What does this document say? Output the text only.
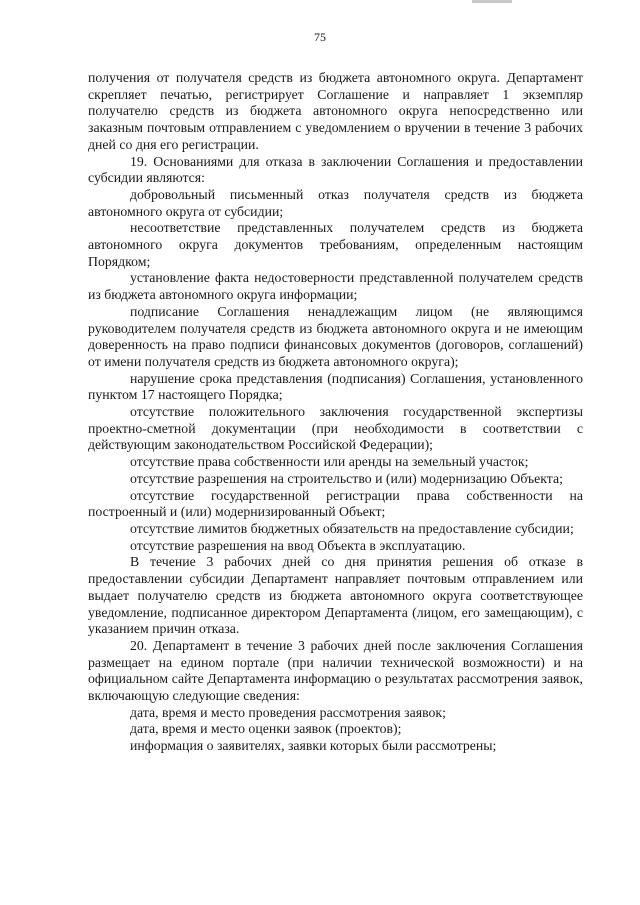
75

получения от получателя средств из бюджета автономного округа. Департамент скрепляет печатью, регистрирует Соглашение и направляет 1 экземпляр получателю средств из бюджета автономного округа непосредственно или заказным почтовым отправлением с уведомлением о вручении в течение 3 рабочих дней со дня его регистрации.

19. Основаниями для отказа в заключении Соглашения и предоставлении субсидии являются:

добровольный письменный отказ получателя средств из бюджета автономного округа от субсидии;

несоответствие представленных получателем средств из бюджета автономного округа документов требованиям, определенным настоящим Порядком;

установление факта недостоверности представленной получателем средств из бюджета автономного округа информации;

подписание Соглашения ненадлежащим лицом (не являющимся руководителем получателя средств из бюджета автономного округа и не имеющим доверенность на право подписи финансовых документов (договоров, соглашений) от имени получателя средств из бюджета автономного округа);

нарушение срока представления (подписания) Соглашения, установленного пунктом 17 настоящего Порядка;

отсутствие положительного заключения государственной экспертизы проектно-сметной документации (при необходимости в соответствии с действующим законодательством Российской Федерации);

отсутствие права собственности или аренды на земельный участок;

отсутствие разрешения на строительство и (или) модернизацию Объекта;

отсутствие государственной регистрации права собственности на построенный и (или) модернизированный Объект;

отсутствие лимитов бюджетных обязательств на предоставление субсидии;

отсутствие разрешения на ввод Объекта в эксплуатацию.

В течение 3 рабочих дней со дня принятия решения об отказе в предоставлении субсидии Департамент направляет почтовым отправлением или выдает получателю средств из бюджета автономного округа соответствующее уведомление, подписанное директором Департамента (лицом, его замещающим), с указанием причин отказа.

20. Департамент в течение 3 рабочих дней после заключения Соглашения размещает на едином портале (при наличии технической возможности) и на официальном сайте Департамента информацию о результатах рассмотрения заявок, включающую следующие сведения:

дата, время и место проведения рассмотрения заявок;

дата, время и место оценки заявок (проектов);

информация о заявителях, заявки которых были рассмотрены;
